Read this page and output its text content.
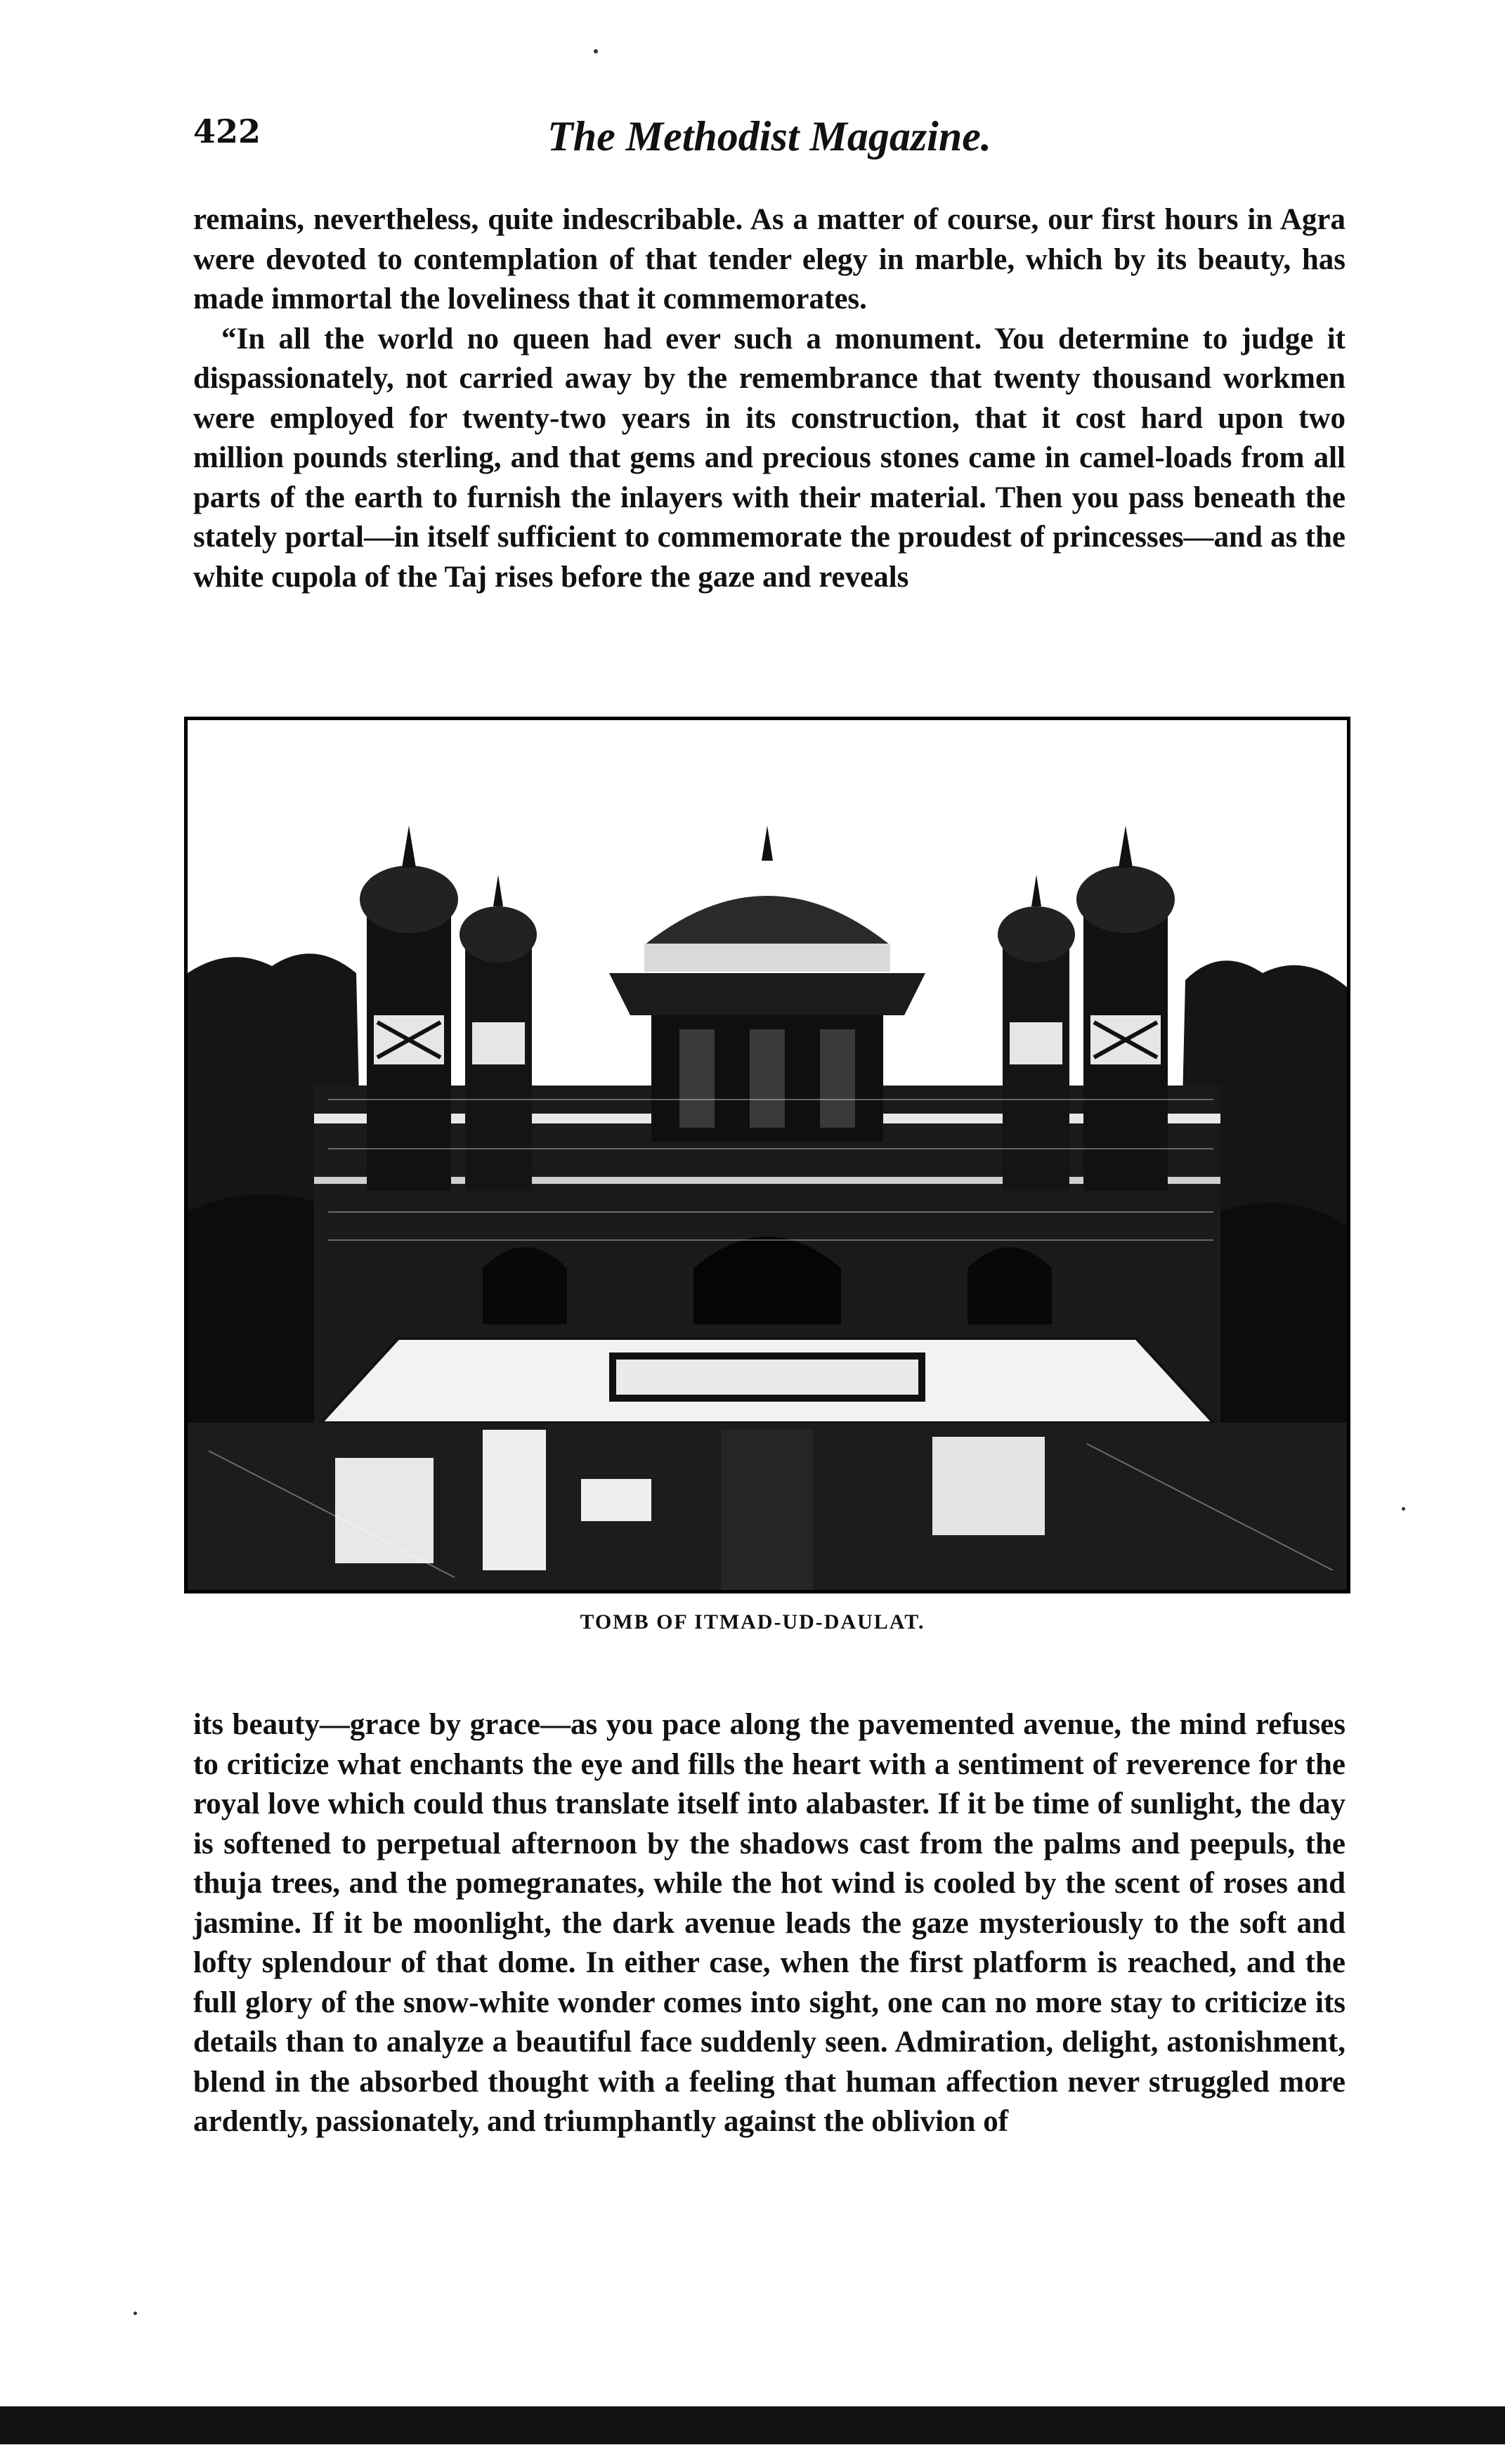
422	The Methodist Magazine.

remains, nevertheless, quite indescribable. As a matter of course, our first hours in Agra were devoted to contemplation of that tender elegy in marble, which by its beauty, has made immortal the loveliness that it commemorates.

“In all the world no queen had ever such a monument. You determine to judge it dispassionately, not carried away by the remembrance that twenty thousand workmen were employed for twenty-two years in its construction, that it cost hard upon two million pounds sterling, and that gems and precious stones came in camel-loads from all parts of the earth to furnish the inlayers with their material. Then you pass beneath the stately portal—in itself sufficient to commemorate the proudest of princesses—and as the white cupola of the Taj rises before the gaze and reveals

TOMB OF ITMAD-UD-DAULAT.

its beauty—grace by grace—as you pace along the pavemented avenue, the mind refuses to criticize what enchants the eye and fills the heart with a sentiment of reverence for the royal love which could thus translate itself into alabaster. If it be time of sunlight, the day is softened to perpetual afternoon by the shadows cast from the palms and peepuls, the thuja trees, and the pomegranates, while the hot wind is cooled by the scent of roses and jasmine. If it be moonlight, the dark avenue leads the gaze mysteriously to the soft and lofty splendour of that dome. In either case, when the first platform is reached, and the full glory of the snow-white wonder comes into sight, one can no more stay to criticize its details than to analyze a beautiful face suddenly seen. Admiration, delight, astonishment, blend in the absorbed thought with a feeling that human affection never struggled more ardently, passionately, and triumphantly against the oblivion of
